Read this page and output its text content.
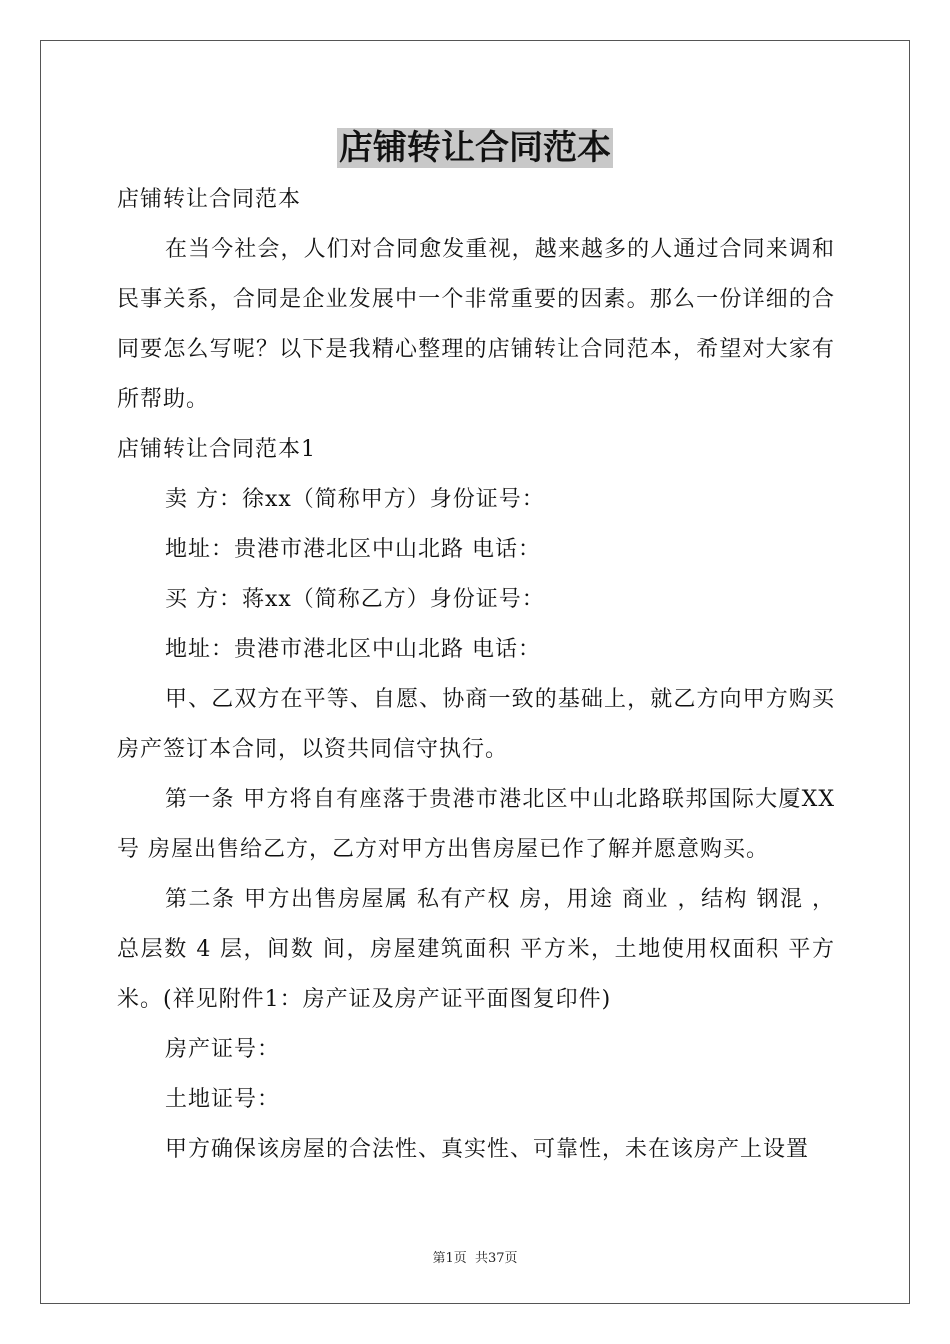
店铺转让合同范本

店铺转让合同范本

在当今社会，人们对合同愈发重视，越来越多的人通过合同来调和民事关系，合同是企业发展中一个非常重要的因素。那么一份详细的合同要怎么写呢？以下是我精心整理的店铺转让合同范本，希望对大家有所帮助。

店铺转让合同范本1

卖 方：徐xx（简称甲方）身份证号：

地址：贵港市港北区中山北路 电话：

买 方：蒋xx（简称乙方）身份证号：

地址：贵港市港北区中山北路 电话：

甲、乙双方在平等、自愿、协商一致的基础上，就乙方向甲方购买房产签订本合同，以资共同信守执行。

第一条 甲方将自有座落于贵港市港北区中山北路联邦国际大厦XX号 房屋出售给乙方，乙方对甲方出售房屋已作了解并愿意购买。

第二条 甲方出售房屋属 私有产权 房，用途 商业 ，结构 钢混 ，总层数 4 层，间数 间，房屋建筑面积 平方米，土地使用权面积 平方米。(祥见附件1：房产证及房产证平面图复印件)

房产证号：

土地证号：

甲方确保该房屋的合法性、真实性、可靠性，未在该房产上设置

第1页 共37页
